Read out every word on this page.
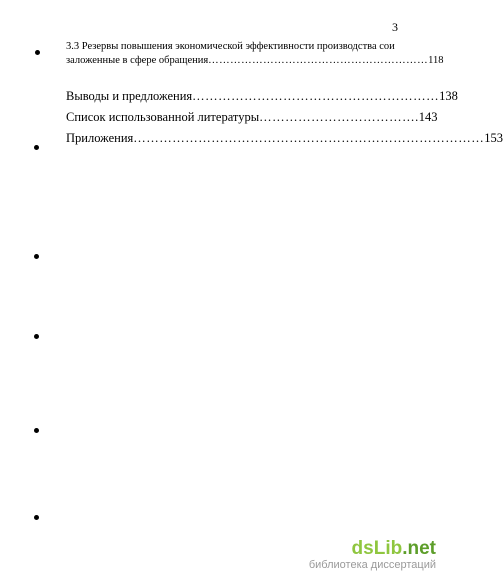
3
3.3 Резервы повышения экономической эффективности производства сои
заложенные в сфере обращения …………………………………………………… 118
Выводы и предложения ………………………………………………… 138
Список использованной литературы ………………………………. 143
Приложения ……………………………………………………………………… 153
dsLib.net
библиотека диссертаций
